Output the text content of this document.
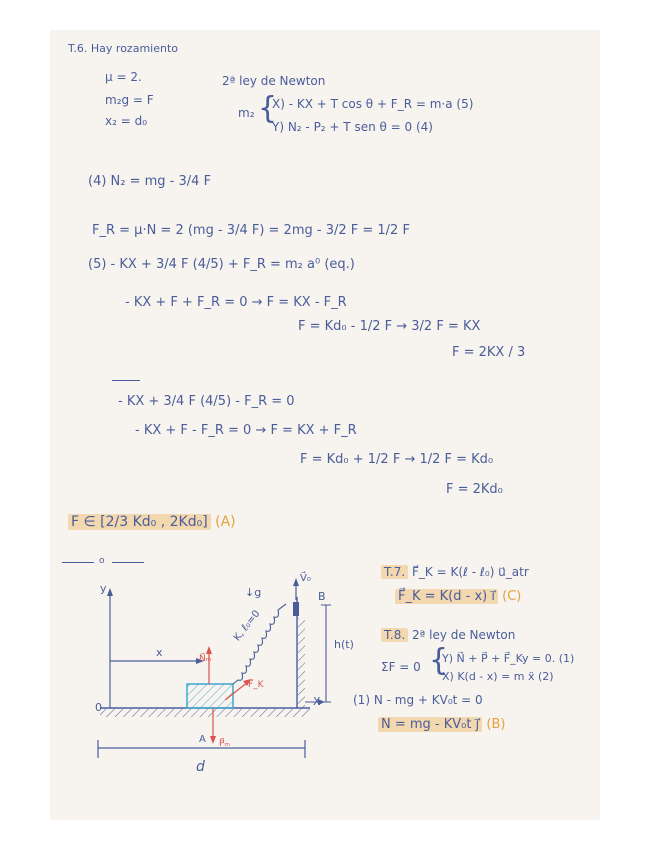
T.6. Hay rozamiento
μ = 2.
m₂g = F
x₂ = d₀
2ª ley de Newton
m₂ {
X) - KX + T cos θ + F_R = m·a (5)
Y) N₂ - P₂ + T sen θ = 0 (4)
(4) N₂ = mg - 3/4 F
F_R = μ·N = 2 (mg - 3/4 F) = 2mg - 3/2 F = 1/2 F
(5) - KX + 3/4 F (4/5) + F_R = m₂ a⁰ (eq.)
- KX + F + F_R = 0 → F = KX - F_R
F = Kd₀ - 1/2 F → 3/2 F = KX
F = 2KX / 3
- KX + 3/4 F (4/5) - F_R = 0
- KX + F - F_R = 0 → F = KX + F_R
F = Kd₀ + 1/2 F → 1/2 F = Kd₀
F = 2Kd₀
F ∈ [2/3 Kd₀ , 2Kd₀] (A)
o
T.7. F⃗_K = K(ℓ - ℓ₀) u⃗_atr
F⃗_K = K(d - x) i⃗ (C)
T.8. 2ª ley de Newton
ΣF = 0 {
Y) N⃗ + P⃗ + F⃗_Ky = 0. (1)
X) K(d - x) = m ẍ (2)
(1) N - mg + KV₀t = 0
N = mg - KV₀t j⃗ (B)
y
0	X
x
K, ℓ₀=0
↓g
V⃗₀
B
h(t)
A
N⃗ₘ
P⃗ₘ
F⃗_K
d
